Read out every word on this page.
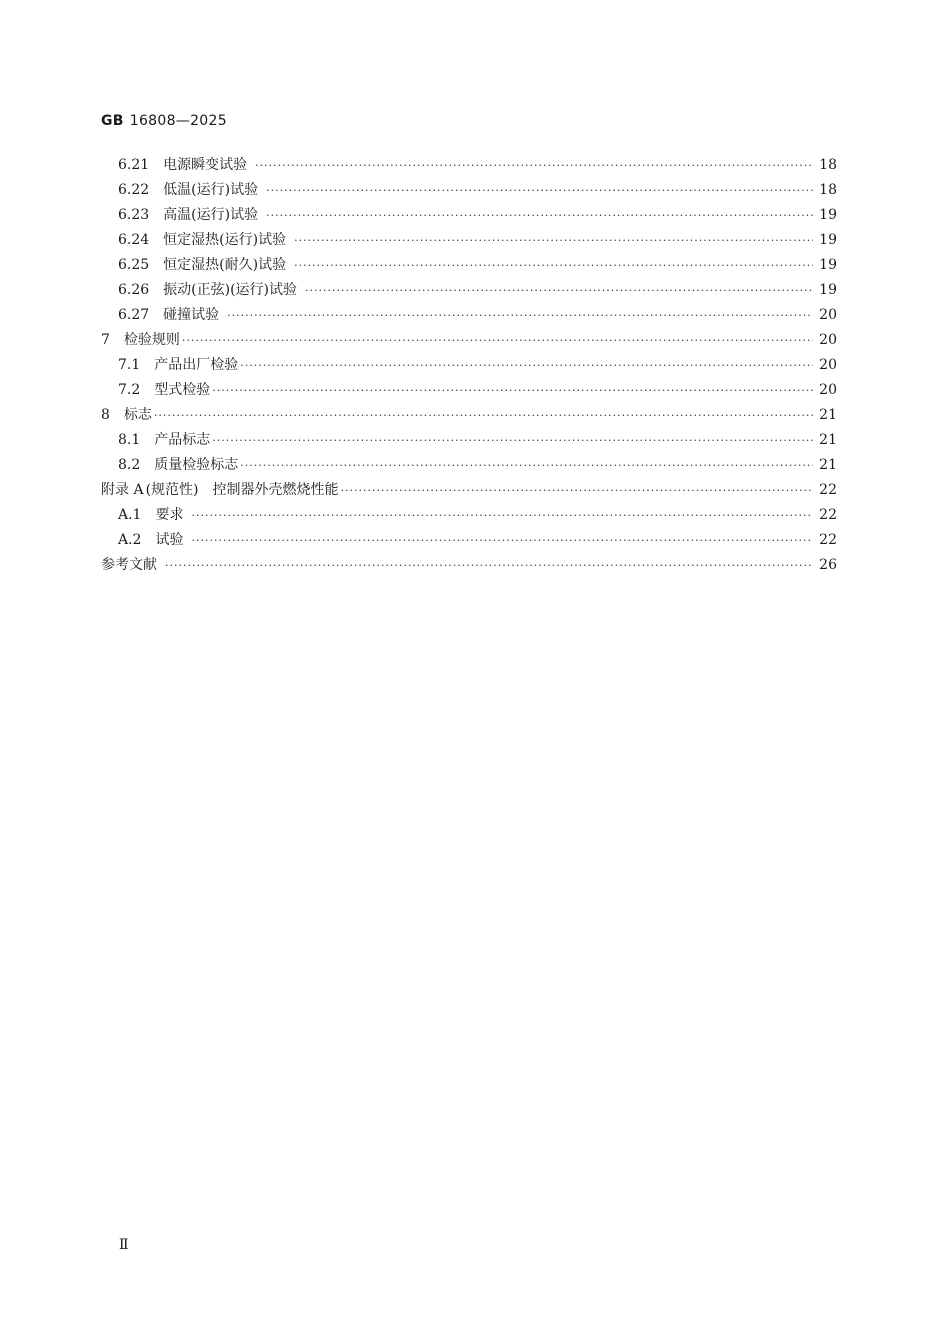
GB 16808—2025
6.21 电源瞬变试验 ·····	18
6.22 低温(运行)试验 ·····	18
6.23 高温(运行)试验 ·····	19
6.24 恒定湿热(运行)试验 ·····	19
6.25 恒定湿热(耐久)试验 ·····	19
6.26 振动(正弦)(运行)试验 ·····	19
6.27 碰撞试验 ·····	20
7 检验规则 ·····	20
7.1 产品出厂检验 ·····	20
7.2 型式检验 ·····	20
8 标志 ·····	21
8.1 产品标志 ·····	21
8.2 质量检验标志 ·····	21
附录 A (规范性)　控制器外壳燃烧性能 ·····	22
A.1 要求 ·····	22
A.2 试验 ·····	22
参考文献 ·····	26
Ⅱ
